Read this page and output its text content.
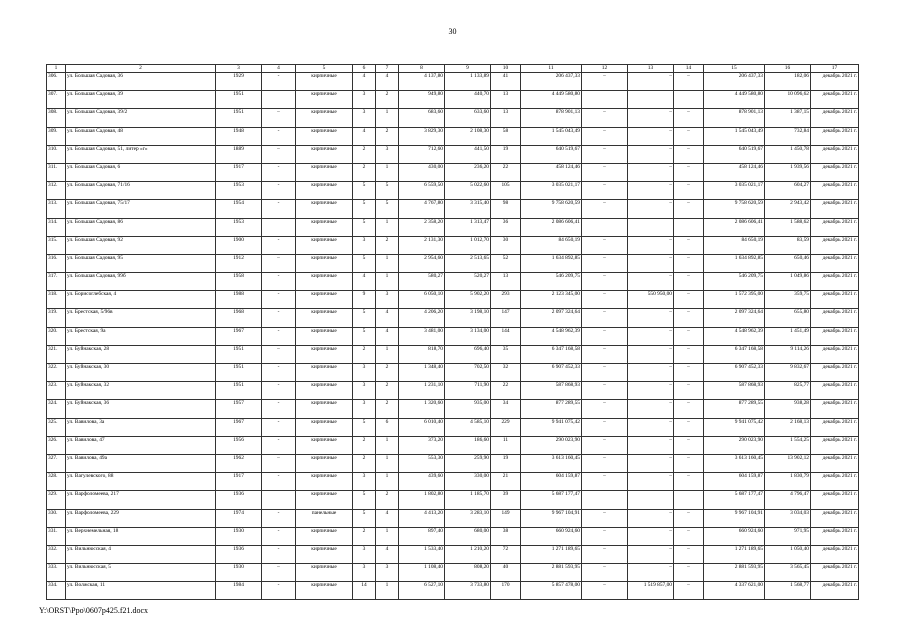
30
1	2	3	4	5	6	7	8	9	10	11	12	13	14	15	16	17
306.	ул. Большая Садовая, 36	1929	-	кирпичные	4	4	4 137,80	1 133,89	41	206 437,33	–	–	–	206 437,33	182,06	декабрь 2021 г.
307.	ул. Большая Садовая, 39	1951		кирпичные	3	2	949,80	440,70	13	4 449 580,80				4 449 580,80	10 096,62	декабрь 2021 г.
308.	ул. Большая Садовая, 39/2	1951	–	кирпичные	3	1	683,60	633,60	13	878 901,13	–	–	–	878 901,13	1 387,15	декабрь 2021 г.
309.	ул. Большая Садовая, 48	1948	-	кирпичные	4	2	3 829,30	2 108,30	58	1 545 043,49	–	–	–	1 545 043,49	732,84	декабрь 2021 г.
310.	ул. Большая Садовая, 51, литер «г»	1889	–	кирпичные	2	3	712,60	441,50	19	640 519,67	–	–	–	640 519,67	1 450,78	декабрь 2021 г.
311.	ул. Большая Садовая, 6	1917	-	кирпичные	2	1	430,00	236,20	22	458 124,46	–	–	–	458 124,46	1 939,56	декабрь 2021 г.
312.	ул. Большая Садовая, 71/16	1953	-	кирпичные	5	5	6 559,50	5 022,60	105	3 035 021,17	–	–	–	3 035 021,17	604,27	декабрь 2021 г.
313.	ул. Большая Садовая, 75/17	1954	-	кирпичные	5	5	4 767,80	3 315,40	98	9 758 620,59	–	–	–	9 758 620,59	2 943,42	декабрь 2021 г.
314.	ул. Большая Садовая, 86	1953		кирпичные	5	1	2 358,20	1 313,47	36	2 086 606,41				2 086 606,41	1 588,62	декабрь 2021 г.
315.	ул. Большая Садовая, 92	1900	-	кирпичные	3	2	2 131,30	1 012,70	30	84 650,19	–	–	–	84 650,19	83,59	декабрь 2021 г.
316.	ул. Большая Садовая, 95	1912	–	кирпичные	5	1	2 954,60	2 513,65	52	1 634 892,85	–	–	–	1 634 892,85	650,46	декабрь 2021 г.
317.	ул. Большая Садовая, 99б	1958	-	кирпичные	4	1	580,27	520,27	13	546 209,75	–	–	–	546 209,75	1 049,86	декабрь 2021 г.
318.	ул. Борисоглебская, 4	1988	-	кирпичные	9	3	6 050,10	5 902,20	293	2 123 345,00	–	550 950,00	–	1 572 395,00	359,75	декабрь 2021 г.
319.	ул. Брестская, 5/96в	1968	-	кирпичные	5	4	4 206,20	3 198,10	147	2 097 324,64	–	–	–	2 097 324,64	655,80	декабрь 2021 г.
320.	ул. Брестская, 9а	1967	-	кирпичные	5	4	3 481,00	3 134,00	144	4 548 962,39	–	–	–	4 548 962,39	1 451,49	декабрь 2021 г.
321.	ул. Буйнакская, 28	1951	–	кирпичные	2	1	818,70	696,40	35	6 347 168,58	–	–	–	6 347 168,58	9 114,26	декабрь 2021 г.
322.	ул. Буйнакская, 30	1951	-	кирпичные	3	2	1 348,40	702,50	32	6 907 452,33	–	–	–	6 907 452,33	9 832,67	декабрь 2021 г.
323.	ул. Буйнакская, 32	1951	-	кирпичные	3	2	1 231,10	711,90	22	587 868,93	–	–	–	587 868,93	825,77	декабрь 2021 г.
324.	ул. Буйнакская, 36	1957	-	кирпичные	3	2	1 320,60	935,00	34	877 289,55	–	–	–	877 289,55	938,28	декабрь 2021 г.
325.	ул. Вавилова, 3а	1967	-	кирпичные	5	6	6 010,40	4 585,10	229	9 941 075,42	–	–	–	9 941 075,42	2 168,13	декабрь 2021 г.
326.	ул. Вавилова, 47	1956	-	кирпичные	2	1	373,20	186,60	11	290 023,90	–	–	–	290 023,90	1 554,25	декабрь 2021 г.
327.	ул. Вавилова, 49а	1962	–	кирпичные	2	1	553,30	259,90	19	3 613 160,45	–	–	–	3 613 160,45	13 902,12	декабрь 2021 г.
328.	ул. Вагулевского, 88	1917	-	кирпичные	3	1	439,60	330,00	21	604 159,87	–	–	–	604 159,87	1 830,79	декабрь 2021 г.
329.	ул. Варфоломеева, 217	1936		кирпичные	5	2	1 802,80	1 185,70	39	5 687 177,47				5 687 177,47	4 796,47	декабрь 2021 г.
330.	ул. Варфоломеева, 229	1974	-	панельные	5	4	4 413,20	3 283,10	149	9 967 104,91	–	–	–	9 967 104,91	3 034,03	декабрь 2021 г.
331.	ул. Верхнемельная, 18	1930	-	кирпичные	2	1	897,40	680,00	38	660 924,60	–	–	–	660 924,60	971,95	декабрь 2021 г.
332.	ул. Вильнюсская, 4	1936	-	кирпичные	3	4	1 533,40	1 210,20	72	1 271 189,65	–	–	–	1 271 189,65	1 050,40	декабрь 2021 г.
333.	ул. Вильнюсская, 5	1930	–	кирпичные	3	3	1 108,40	808,20	40	2 881 593,95	–	–	–	2 881 593,95	3 565,45	декабрь 2021 г.
334.	ул. Волжская, 11	1984	-	кирпичные	14	1	6 527,10	3 733,80	170	5 857 478,00	–	1 519 857,00	–	4 337 621,00	1 568,77	декабрь 2021 г.
Y:\ORST\Ppo\0607p425.f21.docx
